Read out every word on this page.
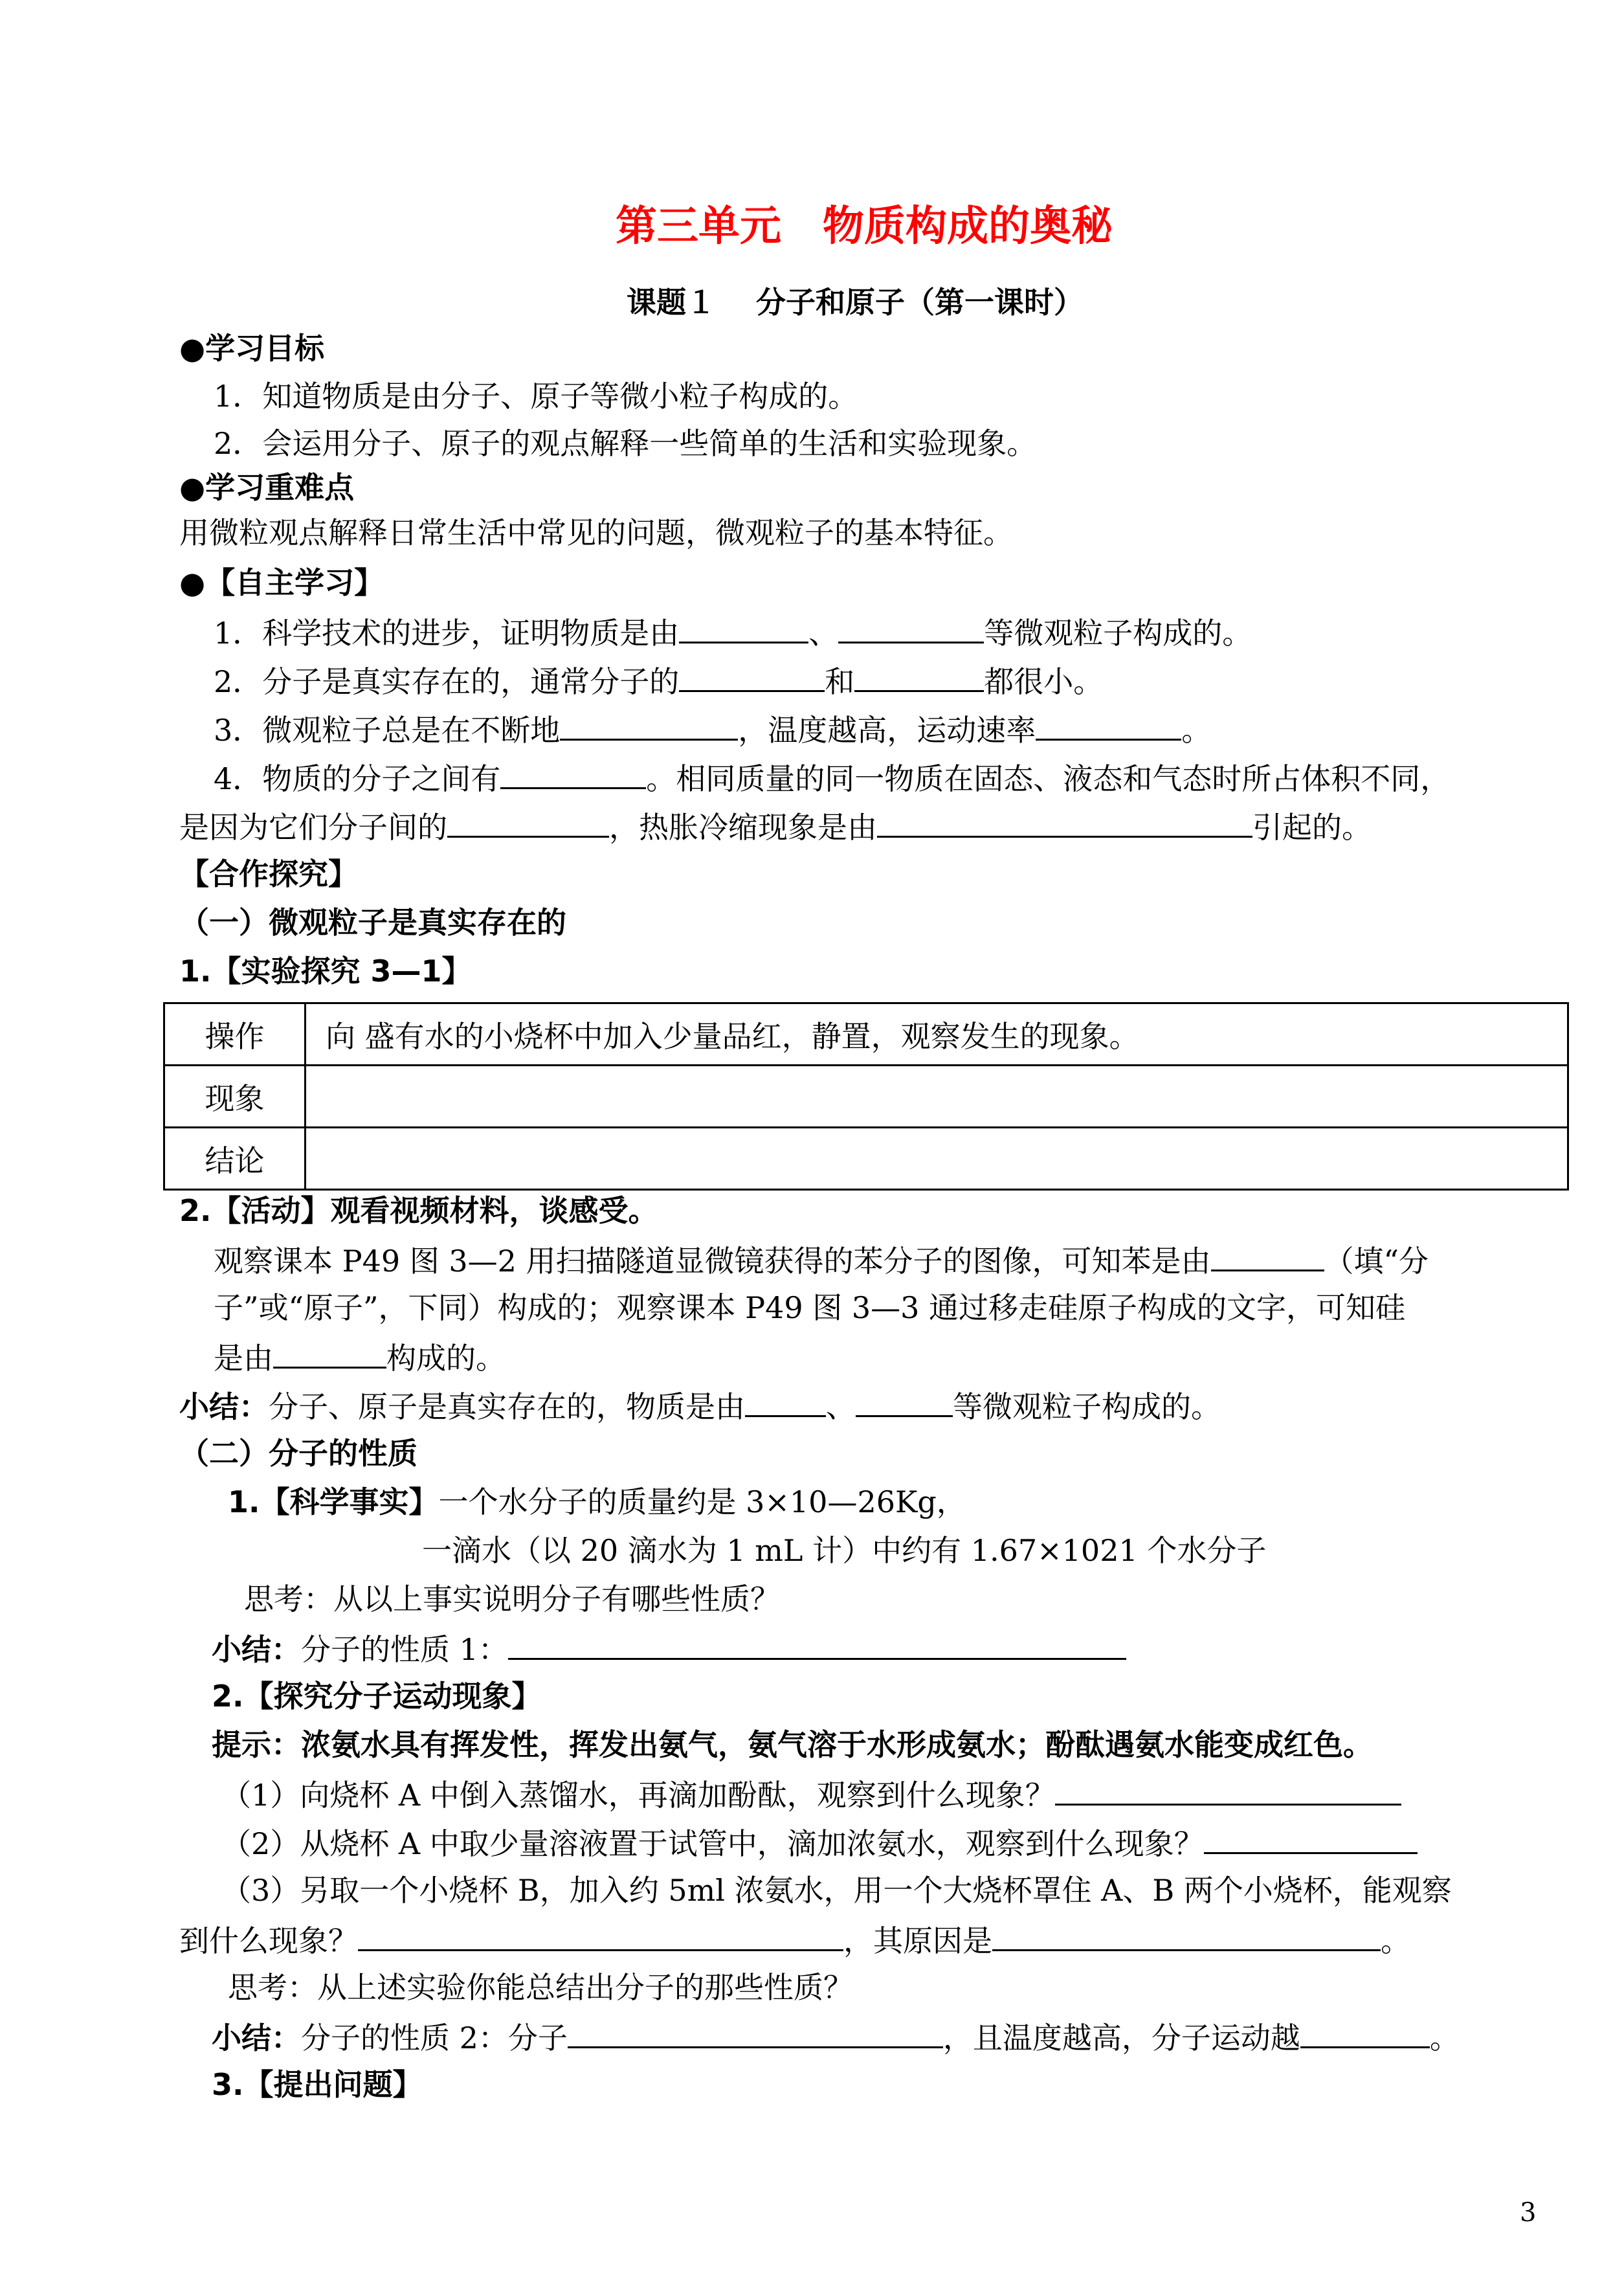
第三单元　物质构成的奥秘
课题１　 分子和原子（第一课时）
●学习目标
1．知道物质是由分子、原子等微小粒子构成的。
2．会运用分子、原子的观点解释一些简单的生活和实验现象。
●学习重难点
用微粒观点解释日常生活中常见的问题，微观粒子的基本特征。
●【自主学习】
1．科学技术的进步，证明物质是由	、	等微观粒子构成的。
2．分子是真实存在的，通常分子的	和	都很小。
3．微观粒子总是在不断地	，温度越高，运动速率	。
4．物质的分子之间有	。相同质量的同一物质在固态、液态和气态时所占体积不同，
是因为它们分子间的	，热胀冷缩现象是由	引起的。
【合作探究】
（一）微观粒子是真实存在的
1.【实验探究 3—1】
操作	向 盛有水的小烧杯中加入少量品红，静置，观察发生的现象。
现象	
结论	
2.【活动】观看视频材料，谈感受。
观察课本 P49 图 3—2 用扫描隧道显微镜获得的苯分子的图像，可知苯是由	（填“分
子”或“原子”，下同）构成的；观察课本 P49 图 3—3 通过移走硅原子构成的文字，可知硅
是由	构成的。
小结：分子、原子是真实存在的，物质是由	、	等微观粒子构成的。
（二）分子的性质
1.【科学事实】一个水分子的质量约是 3×10—26Kg，
一滴水（以 20 滴水为 1 mL 计）中约有 1.67×1021 个水分子
思考：从以上事实说明分子有哪些性质？
小结：分子的性质 1：
2.【探究分子运动现象】
提示：浓氨水具有挥发性，挥发出氨气，氨气溶于水形成氨水；酚酞遇氨水能变成红色。
（1）向烧杯 A 中倒入蒸馏水，再滴加酚酞，观察到什么现象？
（2）从烧杯 A 中取少量溶液置于试管中，滴加浓氨水，观察到什么现象？
（3）另取一个小烧杯 B，加入约 5ml 浓氨水，用一个大烧杯罩住 A、B 两个小烧杯，能观察
到什么现象？	，其原因是	。
思考：从上述实验你能总结出分子的那些性质？
小结：分子的性质 2：分子	，且温度越高，分子运动越	。
3.【提出问题】
3
